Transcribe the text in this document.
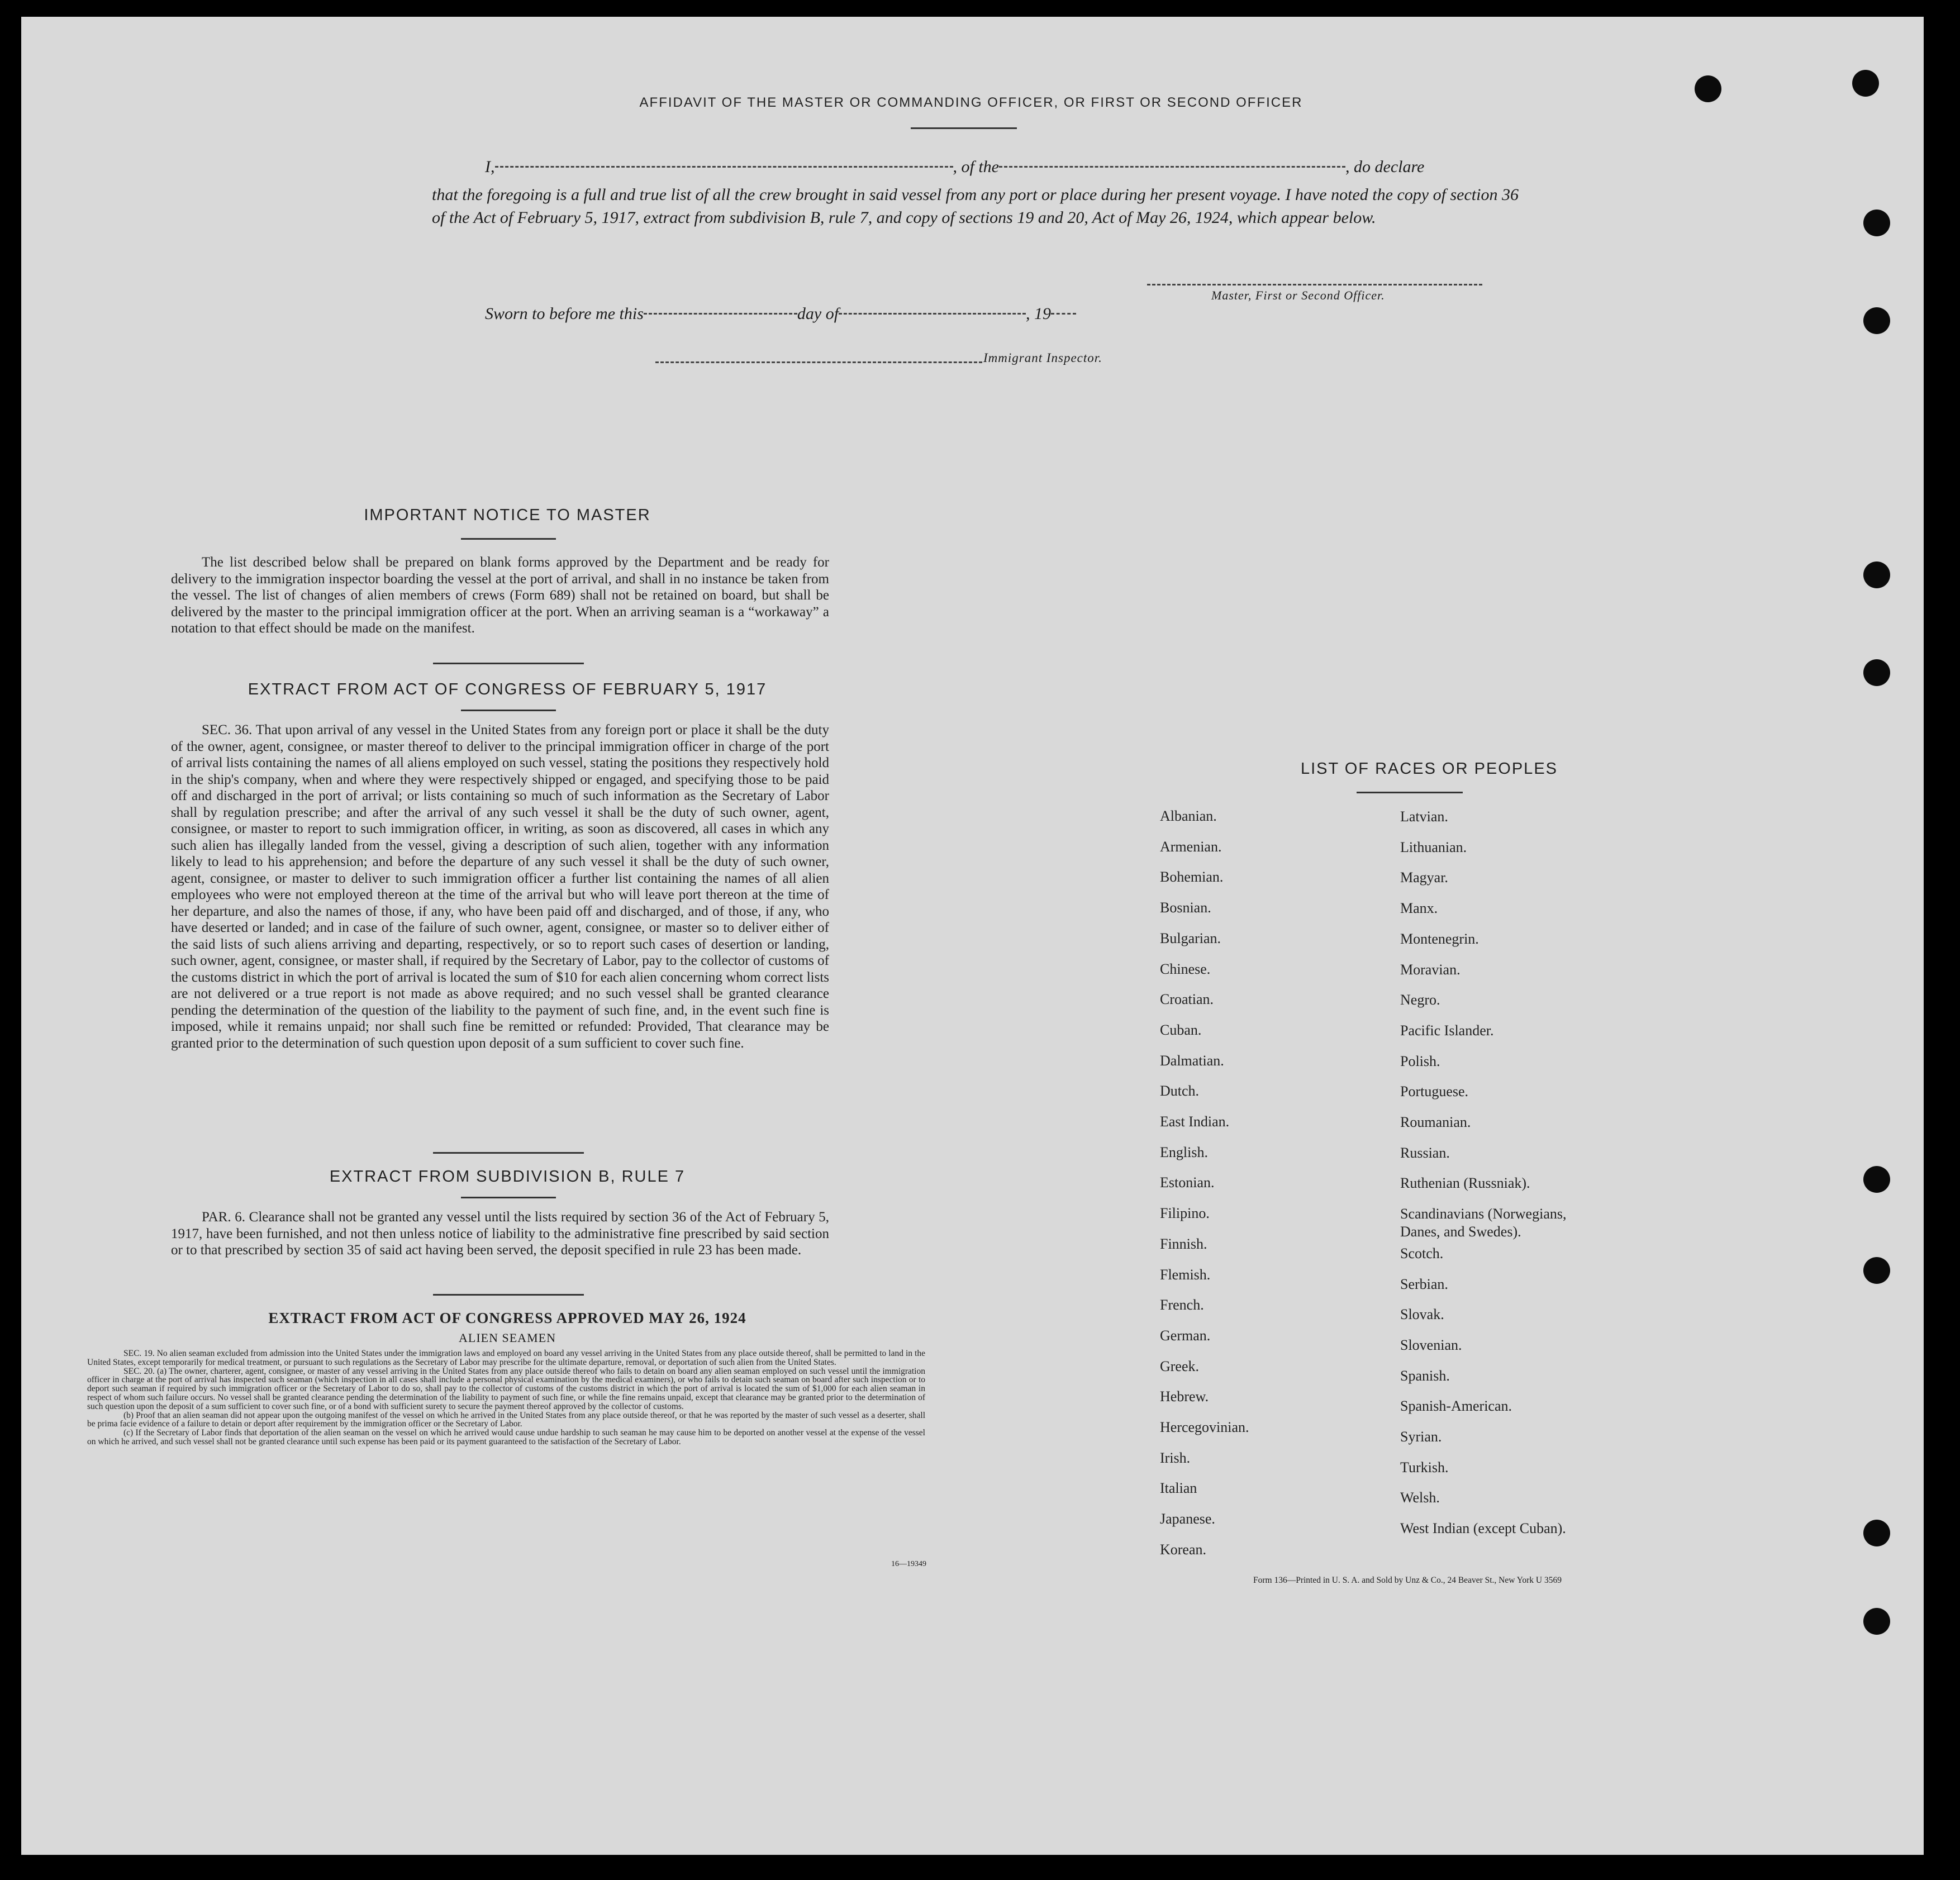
AFFIDAVIT OF THE MASTER OR COMMANDING OFFICER, OR FIRST OR SECOND OFFICER
I,	, of the	, do declare
that the foregoing is a full and true list of all the crew brought in said vessel from any port or place during her present voyage. I have noted the copy of section 36 of the Act of February 5, 1917, extract from subdivision B, rule 7, and copy of sections 19 and 20, Act of May 26, 1924, which appear below.
Master, First or Second Officer.
Sworn to before me this	day of	, 19
Immigrant Inspector.
IMPORTANT NOTICE TO MASTER
The list described below shall be prepared on blank forms approved by the Department and be ready for delivery to the immigration inspector boarding the vessel at the port of arrival, and shall in no instance be taken from the vessel. The list of changes of alien members of crews (Form 689) shall not be retained on board, but shall be delivered by the master to the principal immigration officer at the port. When an arriving seaman is a “workaway” a notation to that effect should be made on the manifest.
EXTRACT FROM ACT OF CONGRESS OF FEBRUARY 5, 1917
SEC. 36. That upon arrival of any vessel in the United States from any foreign port or place it shall be the duty of the owner, agent, consignee, or master thereof to deliver to the principal immigration officer in charge of the port of arrival lists containing the names of all aliens employed on such vessel, stating the positions they respectively hold in the ship's company, when and where they were respectively shipped or engaged, and specifying those to be paid off and discharged in the port of arrival; or lists containing so much of such information as the Secretary of Labor shall by regulation prescribe; and after the arrival of any such vessel it shall be the duty of such owner, agent, consignee, or master to report to such immigration officer, in writing, as soon as discovered, all cases in which any such alien has illegally landed from the vessel, giving a description of such alien, together with any information likely to lead to his apprehension; and before the departure of any such vessel it shall be the duty of such owner, agent, consignee, or master to deliver to such immigration officer a further list containing the names of all alien employees who were not employed thereon at the time of the arrival but who will leave port thereon at the time of her departure, and also the names of those, if any, who have been paid off and discharged, and of those, if any, who have deserted or landed; and in case of the failure of such owner, agent, consignee, or master so to deliver either of the said lists of such aliens arriving and departing, respectively, or so to report such cases of desertion or landing, such owner, agent, consignee, or master shall, if required by the Secretary of Labor, pay to the collector of customs of the customs district in which the port of arrival is located the sum of $10 for each alien concerning whom correct lists are not delivered or a true report is not made as above required; and no such vessel shall be granted clearance pending the determination of the question of the liability to the payment of such fine, and, in the event such fine is imposed, while it remains unpaid; nor shall such fine be remitted or refunded: Provided, That clearance may be granted prior to the determination of such question upon deposit of a sum sufficient to cover such fine.
EXTRACT FROM SUBDIVISION B, RULE 7
PAR. 6. Clearance shall not be granted any vessel until the lists required by section 36 of the Act of February 5, 1917, have been furnished, and not then unless notice of liability to the administrative fine prescribed by said section or to that prescribed by section 35 of said act having been served, the deposit specified in rule 23 has been made.
EXTRACT FROM ACT OF CONGRESS APPROVED MAY 26, 1924
ALIEN SEAMEN
SEC. 19. No alien seaman excluded from admission into the United States under the immigration laws and employed on board any vessel arriving in the United States from any place outside thereof, shall be permitted to land in the United States, except temporarily for medical treatment, or pursuant to such regulations as the Secretary of Labor may prescribe for the ultimate departure, removal, or deportation of such alien from the United States.
SEC. 20. (a) The owner, charterer, agent, consignee, or master of any vessel arriving in the United States from any place outside thereof who fails to detain on board any alien seaman employed on such vessel until the immigration officer in charge at the port of arrival has inspected such seaman (which inspection in all cases shall include a personal physical examination by the medical examiners), or who fails to detain such seaman on board after such inspection or to deport such seaman if required by such immigration officer or the Secretary of Labor to do so, shall pay to the collector of customs of the customs district in which the port of arrival is located the sum of $1,000 for each alien seaman in respect of whom such failure occurs. No vessel shall be granted clearance pending the determination of the liability to payment of such fine, or while the fine remains unpaid, except that clearance may be granted prior to the determination of such question upon the deposit of a sum sufficient to cover such fine, or of a bond with sufficient surety to secure the payment thereof approved by the collector of customs.
(b) Proof that an alien seaman did not appear upon the outgoing manifest of the vessel on which he arrived in the United States from any place outside thereof, or that he was reported by the master of such vessel as a deserter, shall be prima facie evidence of a failure to detain or deport after requirement by the immigration officer or the Secretary of Labor.
(c) If the Secretary of Labor finds that deportation of the alien seaman on the vessel on which he arrived would cause undue hardship to such seaman he may cause him to be deported on another vessel at the expense of the vessel on which he arrived, and such vessel shall not be granted clearance until such expense has been paid or its payment guaranteed to the satisfaction of the Secretary of Labor.
16—19349
LIST OF RACES OR PEOPLES
Form 136—Printed in U. S. A. and Sold by Unz & Co., 24 Beaver St., New York U 3569
Albanian.
Armenian.
Bohemian.
Bosnian.
Bulgarian.
Chinese.
Croatian.
Cuban.
Dalmatian.
Dutch.
East Indian.
English.
Estonian.
Filipino.
Finnish.
Flemish.
French.
German.
Greek.
Hebrew.
Hercegovinian.
Irish.
Italian
Japanese.
Korean.
Latvian.
Lithuanian.
Magyar.
Manx.
Montenegrin.
Moravian.
Negro.
Pacific Islander.
Polish.
Portuguese.
Roumanian.
Russian.
Ruthenian (Russniak).
Scandinavians (Norwegians,
Danes, and Swedes).
Scotch.
Serbian.
Slovak.
Slovenian.
Spanish.
Spanish-American.
Syrian.
Turkish.
Welsh.
West Indian (except Cuban).
